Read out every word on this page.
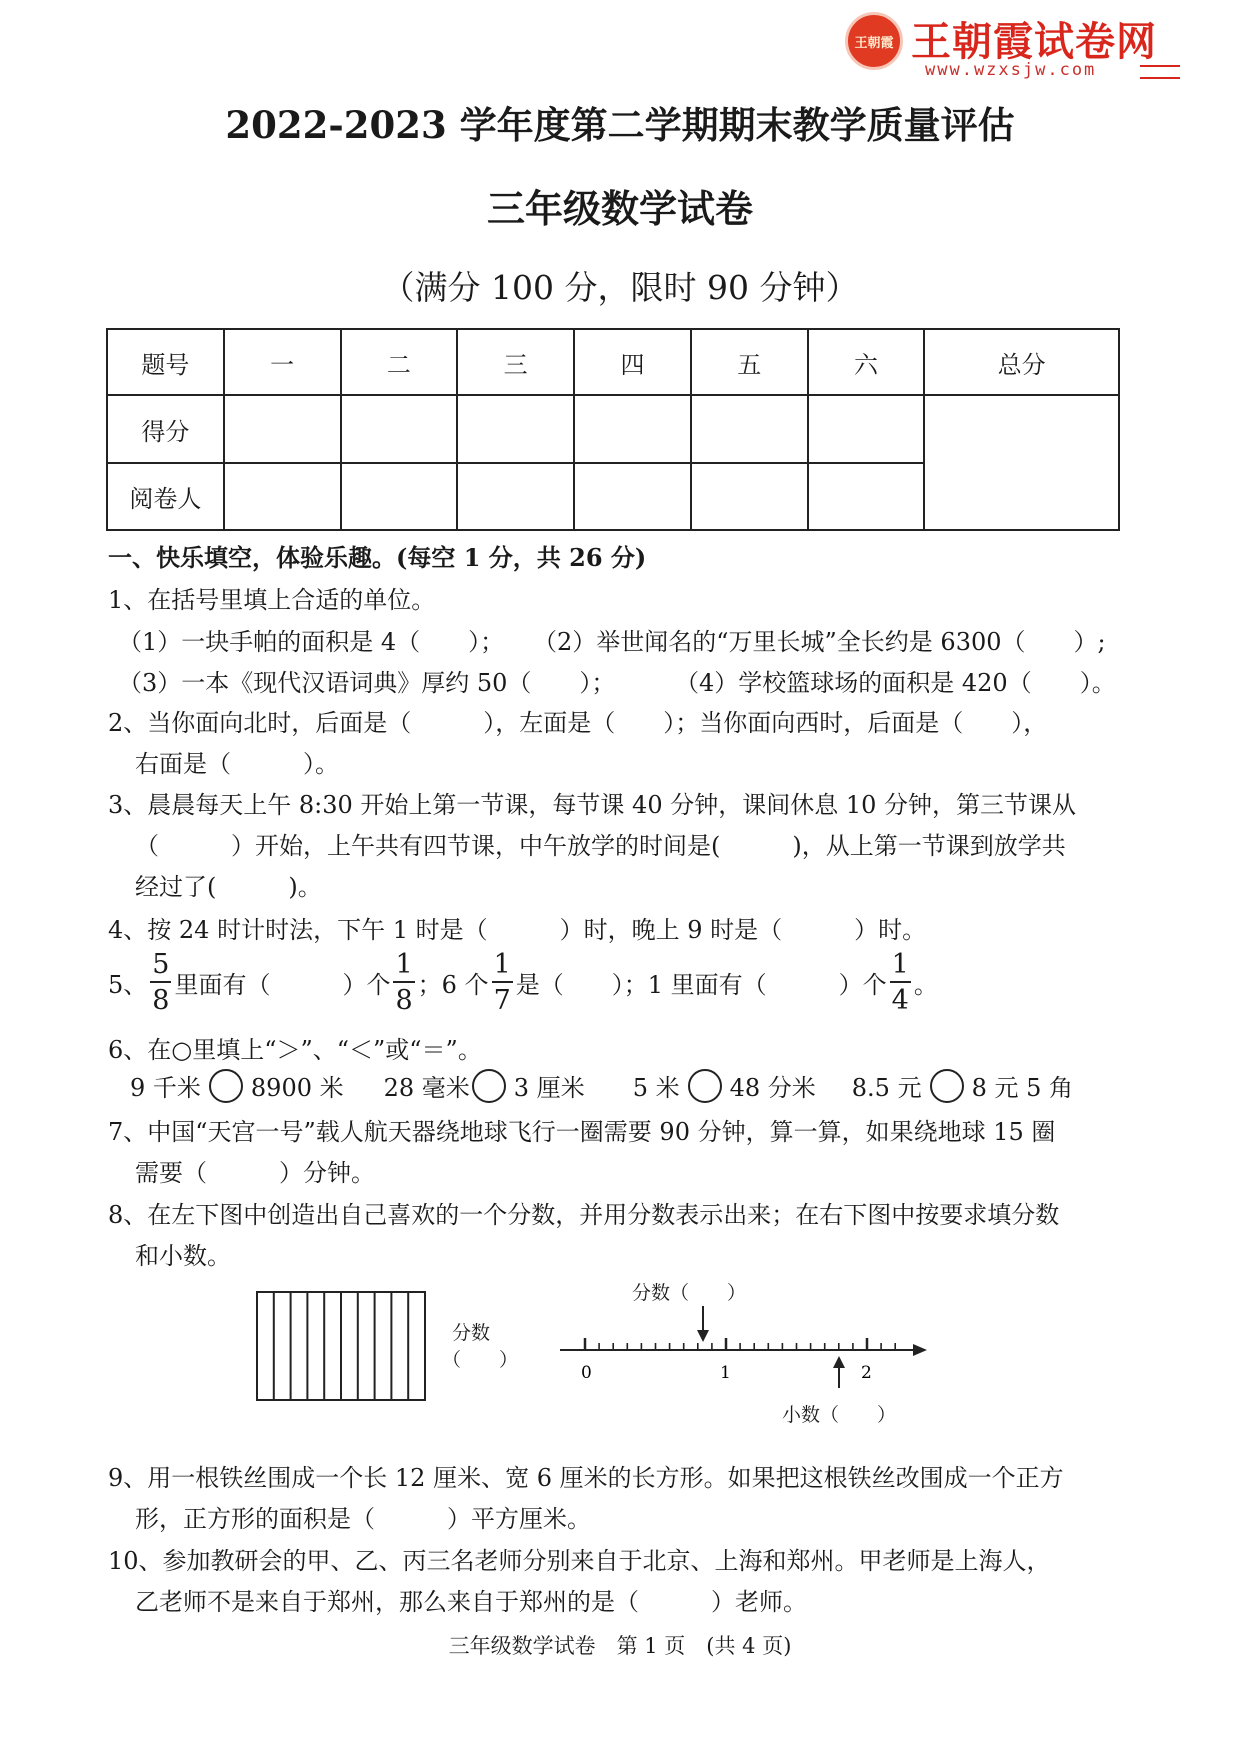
王朝霞 王朝霞试卷网
www.wzxsjw.com
2022-2023 学年度第二学期期末教学质量评估
三年级数学试卷
（满分 100 分，限时 90 分钟）
题号	一	二	三	四	五	六	总分
得分							
阅卷人							
一、快乐填空，体验乐趣。(每空 1 分，共 26 分)
1、在括号里填上合适的单位。
（1）一块手帕的面积是 4（　　）； （2）举世闻名的“万里长城”全长约是 6300（　　）;
（3）一本《现代汉语词典》厚约 50（　　）； （4）学校篮球场的面积是 420（　　）。
2、当你面向北时，后面是（　　　），左面是（　　）；当你面向西时，后面是（　　），
右面是（　　　）。
3、晨晨每天上午 8:30 开始上第一节课，每节课 40 分钟，课间休息 10 分钟，第三节课从
（　　　）开始，上午共有四节课，中午放学的时间是(　　　)，从上第一节课到放学共
经过了(　　　)。
4、按 24 时计时法，下午 1 时是（　　　）时，晚上 9 时是（　　　）时。
5、 $\frac{5}{8}$ 里面有（　　　）个 $\frac{1}{8}$ ；6 个 $\frac{1}{7}$ 是（　　）；1 里面有（　　　）个 $\frac{1}{4}$ 。
6、在○里填上“＞”、“＜”或“＝”。
9 千米 8900 米 28 毫米 3 厘米 5 米 48 分米 8.5 元 8 元 5 角
7、中国“天宫一号”载人航天器绕地球飞行一圈需要 90 分钟，算一算，如果绕地球 15 圈
需要（　　　）分钟。
8、在左下图中创造出自己喜欢的一个分数，并用分数表示出来；在右下图中按要求填分数
和小数。
分数
（　　）
分数（　　）
0	1	2
小数（　　）
9、用一根铁丝围成一个长 12 厘米、宽 6 厘米的长方形。如果把这根铁丝改围成一个正方
形，正方形的面积是（　　　）平方厘米。
10、参加教研会的甲、乙、丙三名老师分别来自于北京、上海和郑州。甲老师是上海人，
乙老师不是来自于郑州，那么来自于郑州的是（　　　）老师。
三年级数学试卷　第 1 页　(共 4 页)
